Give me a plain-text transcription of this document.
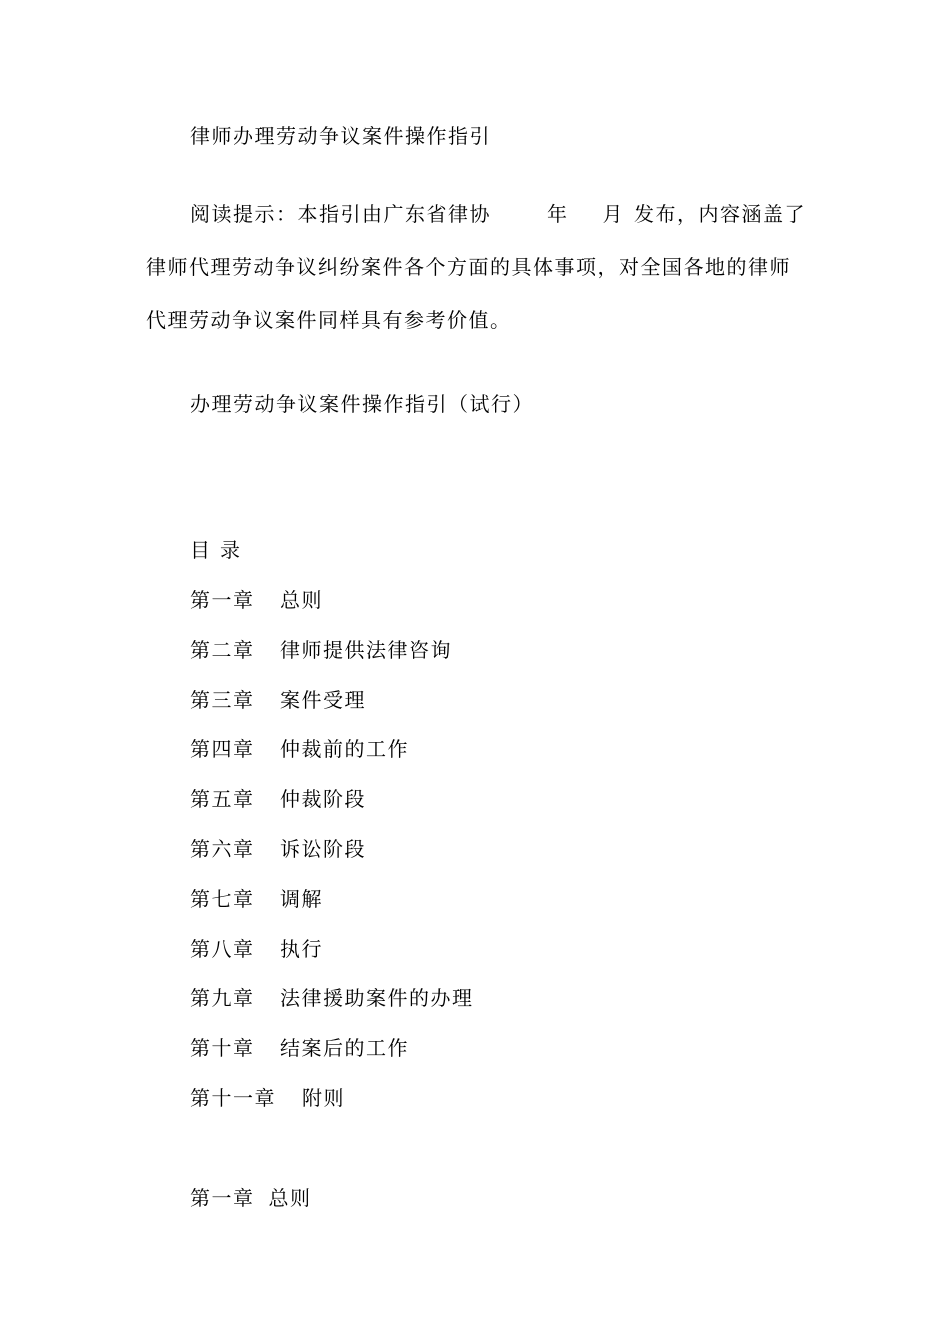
律师办理劳动争议案件操作指引
阅读提示：本指引由广东省律协	年 月 发布，内容涵盖了律师代理劳动争议纠纷案件各个方面的具体事项，对全国各地的律师代理劳动争议案件同样具有参考价值。
办理劳动争议案件操作指引（试行）
目录
第一章 总则
第二章 律师提供法律咨询
第三章 案件受理
第四章 仲裁前的工作
第五章 仲裁阶段
第六章 诉讼阶段
第七章 调解
第八章 执行
第九章 法律援助案件的办理
第十章 结案后的工作
第十一章 附则
第一章 总则
